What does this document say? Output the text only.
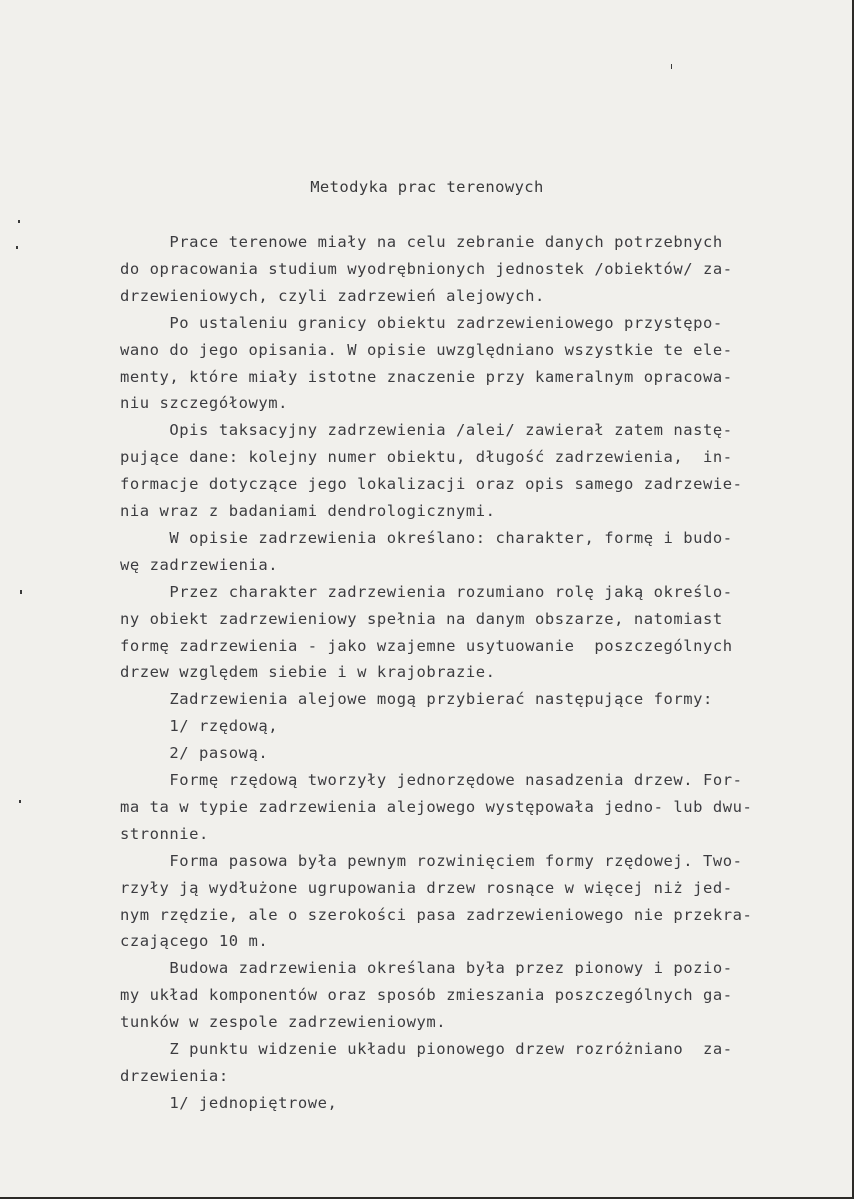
Metodyka prac terenowych
Prace terenowe miały na celu zebranie danych potrzebnych
do opracowania studium wyodrębnionych jednostek /obiektów/ za-
drzewieniowych, czyli zadrzewień alejowych.
Po ustaleniu granicy obiektu zadrzewieniowego przystępo-
wano do jego opisania. W opisie uwzględniano wszystkie te ele-
menty, które miały istotne znaczenie przy kameralnym opracowa-
niu szczegółowym.
Opis taksacyjny zadrzewienia /alei/ zawierał zatem nastę-
pujące dane: kolejny numer obiektu, długość zadrzewienia,  in-
formacje dotyczące jego lokalizacji oraz opis samego zadrzewie-
nia wraz z badaniami dendrologicznymi.
W opisie zadrzewienia określano: charakter, formę i budo-
wę zadrzewienia.
Przez charakter zadrzewienia rozumiano rolę jaką określo-
ny obiekt zadrzewieniowy spełnia na danym obszarze, natomiast
formę zadrzewienia - jako wzajemne usytuowanie  poszczególnych
drzew względem siebie i w krajobrazie.
Zadrzewienia alejowe mogą przybierać następujące formy:
1/ rzędową,
2/ pasową.
Formę rzędową tworzyły jednorzędowe nasadzenia drzew. For-
ma ta w typie zadrzewienia alejowego występowała jedno- lub dwu-
stronnie.
Forma pasowa była pewnym rozwinięciem formy rzędowej. Two-
rzyły ją wydłużone ugrupowania drzew rosnące w więcej niż jed-
nym rzędzie, ale o szerokości pasa zadrzewieniowego nie przekra-
czającego 10 m.
Budowa zadrzewienia określana była przez pionowy i pozio-
my układ komponentów oraz sposób zmieszania poszczególnych ga-
tunków w zespole zadrzewieniowym.
Z punktu widzenie układu pionowego drzew rozróżniano  za-
drzewienia:
1/ jednopiętrowe,
